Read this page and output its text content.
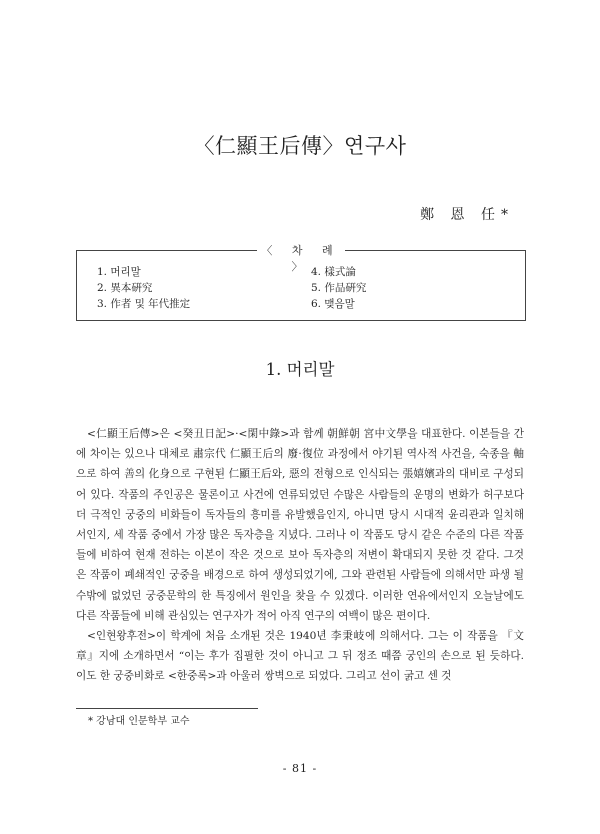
〈仁顯王后傳〉연구사
鄭 恩 任*
〈 차 례 〉
1. 머리말
2. 異本硏究
3. 作者 및 年代推定
4. 樣式論
5. 作品硏究
6. 맺음말
1. 머리말

<仁顯王后傳>은 <癸丑日記>·<閑中錄>과 함께 朝鮮朝 宮中文學을 대표한다. 이본들을 간에 차이는 있으나 대체로 肅宗代 仁顯王后의 廢·復位 과정에서 야기된 역사적 사건을, 숙종을 軸으로 하여 善의 化身으로 구현된 仁顯王后와, 惡의 전형으로 인식되는 張嬉嬪과의 대비로 구성되어 있다. 작품의 주인공은 물론이고 사건에 연류되었던 수많은 사람들의 운명의 변화가 허구보다 더 극적인 궁중의 비화들이 독자들의 흥미를 유발했음인지, 아니면 당시 시대적 윤리관과 일치해서인지, 세 작품 중에서 가장 많은 독자층을 지녔다. 그러나 이 작품도 당시 같은 수준의 다른 작품들에 비하여 현재 전하는 이본이 작은 것으로 보아 독자층의 저변이 확대되지 못한 것 같다. 그것은 작품이 폐쇄적인 궁중을 배경으로 하여 생성되었기에, 그와 관련된 사람들에 의해서만 파생 될 수밖에 없었던 궁중문학의 한 특징에서 원인을 찾을 수 있겠다. 이러한 연유에서인지 오늘날에도 다른 작품들에 비해 관심있는 연구자가 적어 아직 연구의 여백이 많은 편이다.

<인현왕후전>이 학계에 처음 소개된 것은 1940년 李秉岐에 의해서다. 그는 이 작품을 『文章』지에 소개하면서 “이는 후가 집필한 것이 아니고 그 뒤 정조 때쯤 궁인의 손으로 된 듯하다. 이도 한 궁중비화로 <한중록>과 아울러 쌍벽으로 되었다. 그리고 선이 굵고 센 것

* 강남대 인문학부 교수
- 81 -
